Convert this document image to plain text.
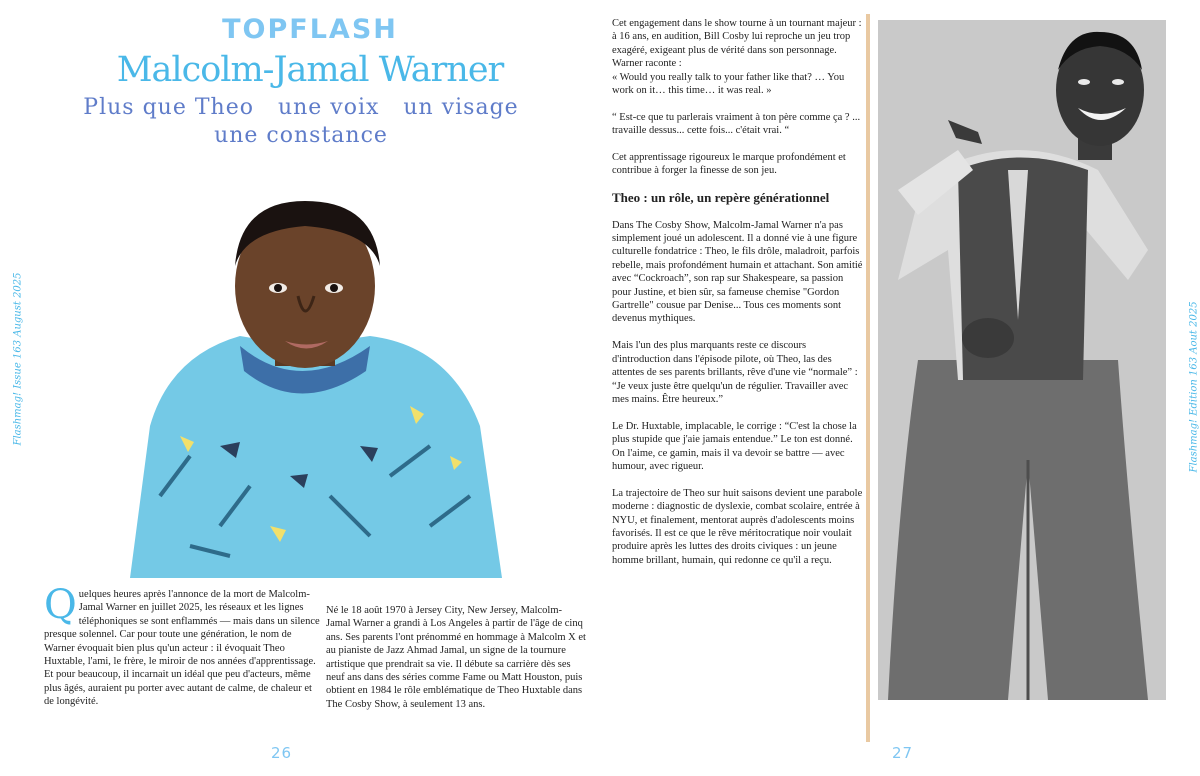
TOPFLASH
Malcolm-Jamal Warner
Plus que Theo   une voix   un visage
une constance
Flashmag! Issue 163 August 2025
Q uelques heures après l'annonce de la mort de Malcolm-Jamal Warner en juillet 2025, les réseaux et les lignes téléphoniques se sont enflammés — mais dans un silence presque solennel. Car pour toute une génération, le nom de Warner évoquait bien plus qu'un acteur : il évoquait Theo Huxtable, l'ami, le frère, le miroir de nos années d'apprentissage. Et pour beaucoup, il incarnait un idéal que peu d'acteurs, même plus âgés, auraient pu porter avec autant de calme, de chaleur et de longévité.

Né le 18 août 1970 à Jersey City, New Jersey, Malcolm-Jamal Warner a grandi à Los Angeles à partir de l'âge de cinq ans. Ses parents l'ont prénommé en hommage à Malcolm X et au pianiste de Jazz Ahmad Jamal, un signe de la tournure artistique que prendrait sa vie. Il débute sa carrière dès ses neuf ans dans des séries comme Fame ou Matt Houston, puis obtient en 1984 le rôle emblématique de Theo Huxtable dans The Cosby Show, à seulement 13 ans.

26

Cet engagement dans le show tourne à un tournant majeur : à 16 ans, en audition, Bill Cosby lui reproche un jeu trop exagéré, exigeant plus de vérité dans son personnage. Warner raconte :
« Would you really talk to your father like that? … You work on it… this time… it was real. »

“ Est-ce que tu parlerais vraiment à ton père comme ça ? ... travaille dessus... cette fois... c'était vrai. “

Cet apprentissage rigoureux le marque profondément et contribue à forger la finesse de son jeu.

Theo : un rôle, un repère générationnel

Dans The Cosby Show, Malcolm-Jamal Warner n'a pas simplement joué un adolescent. Il a donné vie à une figure culturelle fondatrice : Theo, le fils drôle, maladroit, parfois rebelle, mais profondément humain et attachant. Son amitié avec “Cockroach”, son rap sur Shakespeare, sa passion pour Justine, et bien sûr, sa fameuse chemise "Gordon Gartrelle" cousue par Denise... Tous ces moments sont devenus mythiques.

Mais l'un des plus marquants reste ce discours d'introduction dans l'épisode pilote, où Theo, las des attentes de ses parents brillants, rêve d'une vie “normale” :
“Je veux juste être quelqu'un de régulier. Travailler avec mes mains. Être heureux.”

Le Dr. Huxtable, implacable, le corrige : “C'est la chose la plus stupide que j'aie jamais entendue.” Le ton est donné. On l'aime, ce gamin, mais il va devoir se battre — avec humour, avec rigueur.

La trajectoire de Theo sur huit saisons devient une parabole moderne : diagnostic de dyslexie, combat scolaire, entrée à NYU, et finalement, mentorat auprès d'adolescents moins favorisés. Il est ce que le rêve méritocratique noir voulait produire après les luttes des droits civiques : un jeune homme brillant, humain, qui redonne ce qu'il a reçu.

Flashmag! Edition 163 Aout 2025
27
